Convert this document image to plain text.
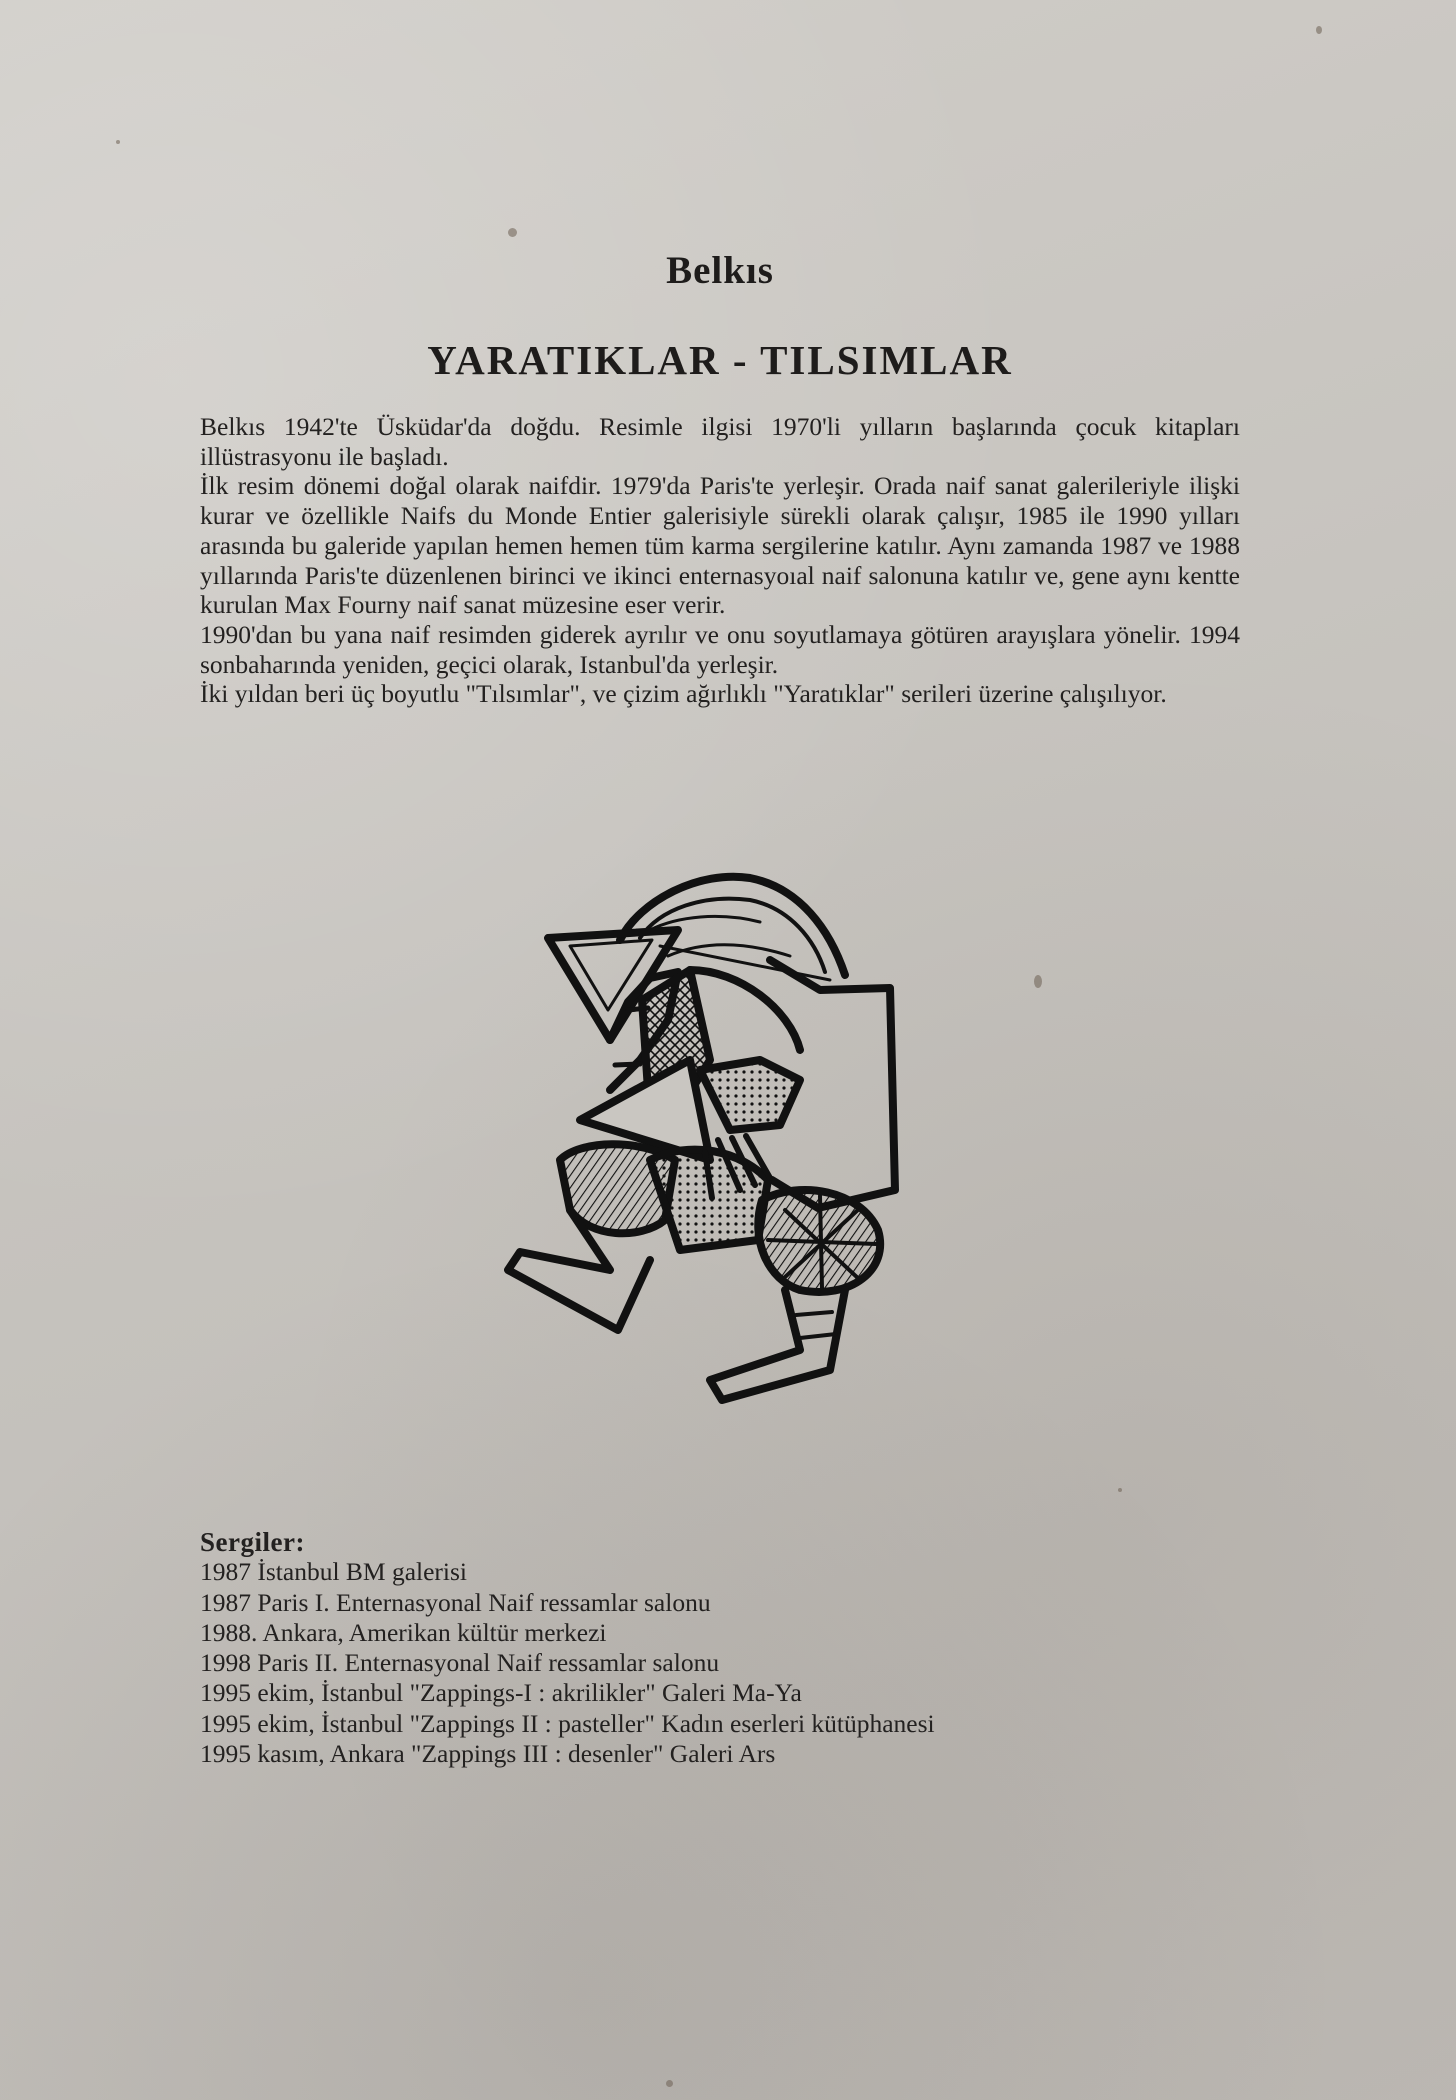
Belkıs
YARATIKLAR - TILSIMLAR

Belkıs 1942'te Üsküdar'da doğdu. Resimle ilgisi 1970'li yılların başlarında çocuk kitapları illüstrasyonu ile başladı.

İlk resim dönemi doğal olarak naifdir. 1979'da Paris'te yerleşir. Orada naif sanat galerileriyle ilişki kurar ve özellikle Naifs du Monde Entier galerisiyle sürekli olarak çalışır, 1985 ile 1990 yılları arasında bu galeride yapılan hemen hemen tüm karma sergilerine katılır. Aynı zamanda 1987 ve 1988 yıllarında Paris'te düzenlenen birinci ve ikinci enternasyoıal naif salonuna katılır ve, gene aynı kentte kurulan Max Fourny naif sanat müzesine eser verir.

1990'dan bu yana naif resimden giderek ayrılır ve onu soyutlamaya götüren arayışlara yönelir. 1994 sonbaharında yeniden, geçici olarak, Istanbul'da yerleşir.

İki yıldan beri üç boyutlu "Tılsımlar", ve çizim ağırlıklı "Yaratıklar" serileri üzerine çalışılıyor.

Sergiler:
1987 İstanbul BM galerisi
1987 Paris I. Enternasyonal Naif ressamlar salonu
1988. Ankara, Amerikan kültür merkezi
1998 Paris II. Enternasyonal Naif ressamlar salonu
1995 ekim, İstanbul "Zappings-I : akrilikler" Galeri Ma-Ya
1995 ekim, İstanbul "Zappings II : pasteller" Kadın eserleri kütüphanesi
1995 kasım, Ankara "Zappings III : desenler" Galeri Ars
